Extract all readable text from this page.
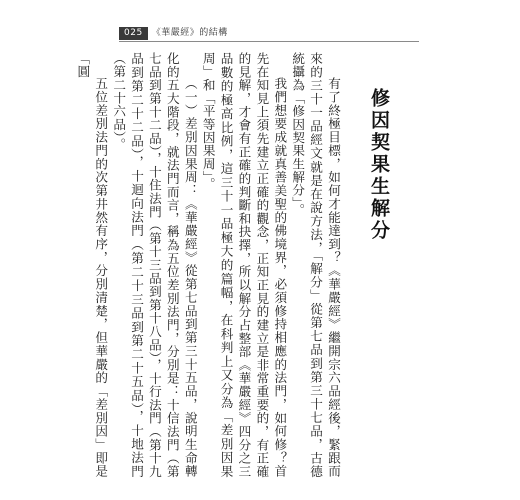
025	《華嚴經》的結構
修因契果生解分

有了終極目標，如何才能達到？《華嚴經》繼開宗六品經後，緊跟而來的三十一品經文就是在說方法，「解分」從第七品到第三十七品，古德統攝為「修因契果生解分」。

我們想要成就真善美聖的佛境界，必須修持相應的法門，如何修？首先在知見上須先建立正確的觀念，正知正見的建立是非常重要的，有正確的見解，才會有正確的判斷和抉擇，所以解分占整部《華嚴經》四分之三品數的極高比例，這三十一品極大的篇幅，在科判上又分為「差別因果周」和「平等因果周」。

（一）差別因果周：《華嚴經》從第七品到第三十五品，說明生命轉化的五大階段，就法門而言，稱為五位差別法門，分別是：十信法門（第七品到第十二品），十住法門（第十三品到第十八品），十行法門（第十九品到第二十二品），十迴向法門（第二十三品到第二十五品），十地法門（第二十六品）。

五位差別法門的次第井然有序，分別清楚，但華嚴的「差別因」即是「圓
